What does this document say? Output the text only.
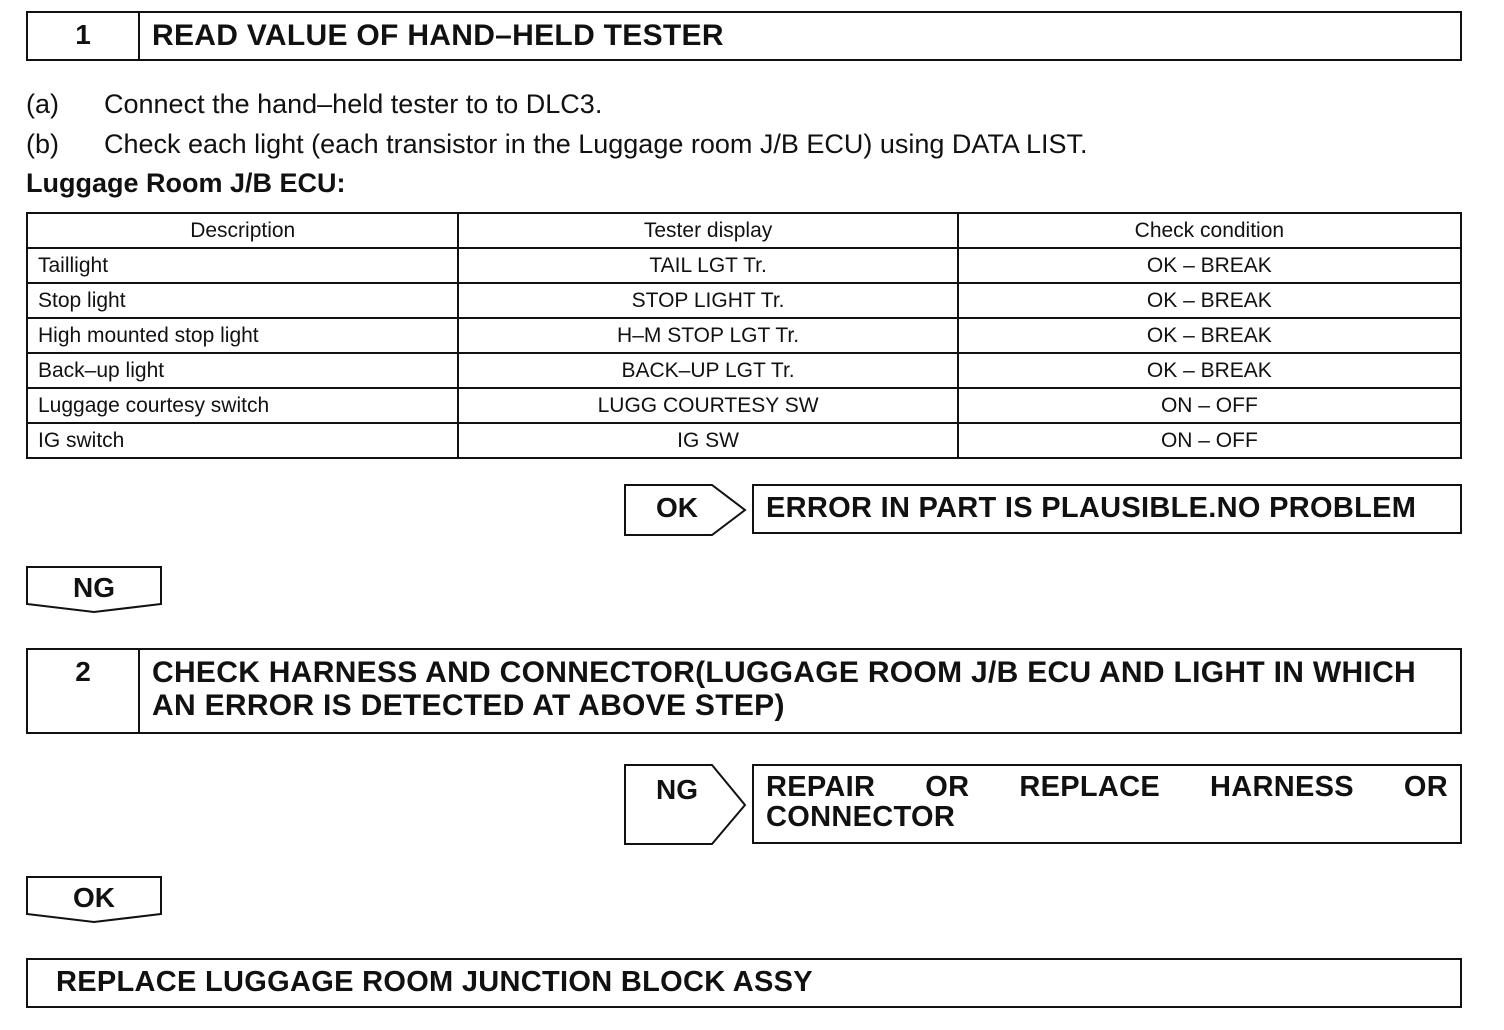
1	READ VALUE OF HAND–HELD TESTER
(a)	Connect the hand–held tester to to DLC3.
(b)	Check each light (each transistor in the Luggage room J/B ECU) using DATA LIST.
Luggage Room J/B ECU:
Description	Tester display	Check condition
Taillight	TAIL LGT Tr.	OK – BREAK
Stop light	STOP LIGHT Tr.	OK – BREAK
High mounted stop light	H–M STOP LGT Tr.	OK – BREAK
Back–up light	BACK–UP LGT Tr.	OK – BREAK
Luggage courtesy switch	LUGG COURTESY SW	ON – OFF
IG switch	IG SW	ON – OFF
OK	ERROR IN PART IS PLAUSIBLE.NO PROBLEM
NG
2	CHECK HARNESS AND CONNECTOR(LUGGAGE ROOM J/B ECU AND LIGHT IN WHICH AN ERROR IS DETECTED AT ABOVE STEP)
NG REPAIR OR REPLACE HARNESS OR
CONNECTOR
OK
REPLACE LUGGAGE ROOM JUNCTION BLOCK ASSY
